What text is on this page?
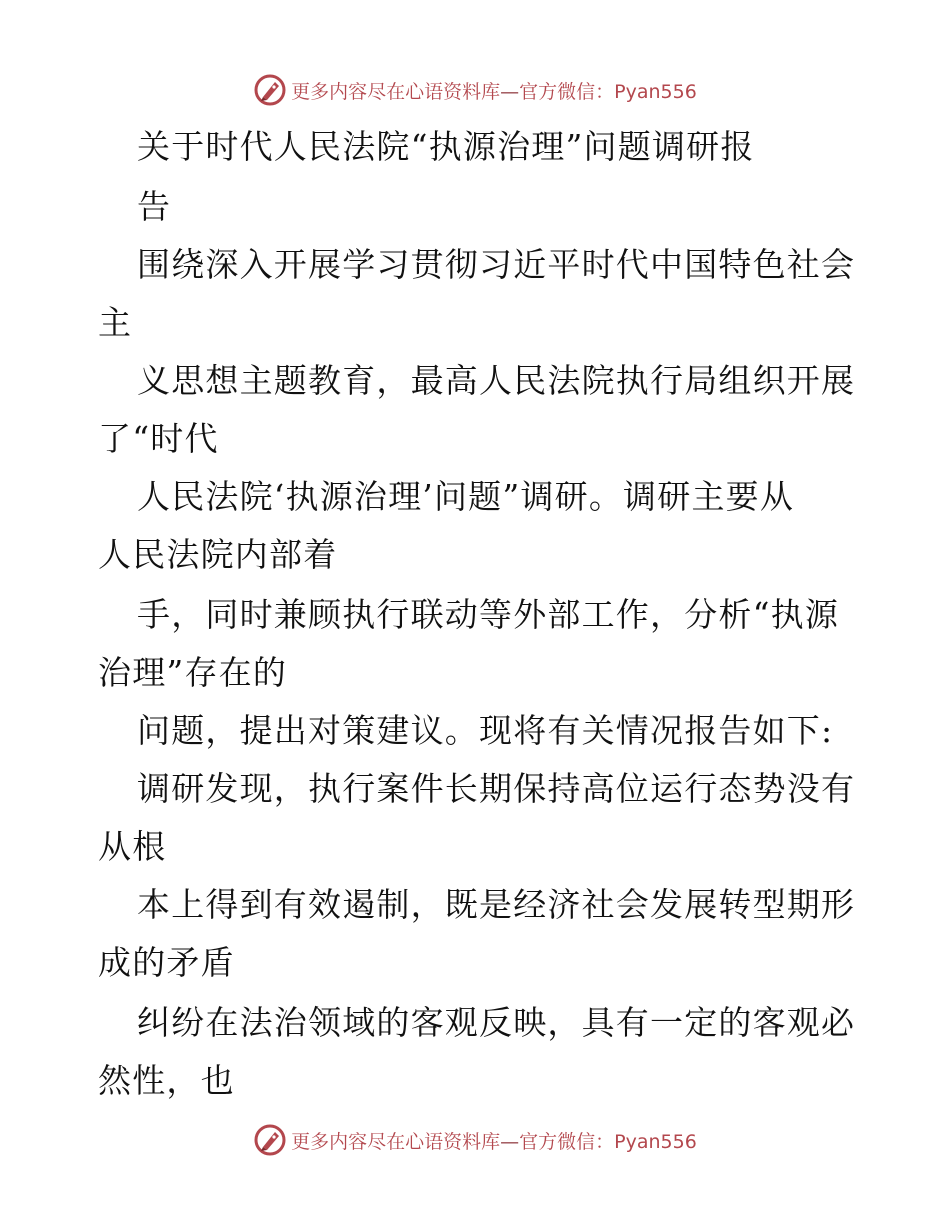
更多内容尽在心语资料库—官方微信：Pyan556
关于时代人民法院“执源治理”问题调研报
告
围绕深入开展学习贯彻习近平时代中国特色社会
主
义思想主题教育，最高人民法院执行局组织开展
了“时代
人民法院‘执源治理’问题”调研。调研主要从
人民法院内部着
手，同时兼顾执行联动等外部工作，分析“执源
治理”存在的
问题，提出对策建议。现将有关情况报告如下:
调研发现，执行案件长期保持高位运行态势没有
从根
本上得到有效遏制，既是经济社会发展转型期形
成的矛盾
纠纷在法治领域的客观反映，具有一定的客观必
然性，也
更多内容尽在心语资料库—官方微信：Pyan556
